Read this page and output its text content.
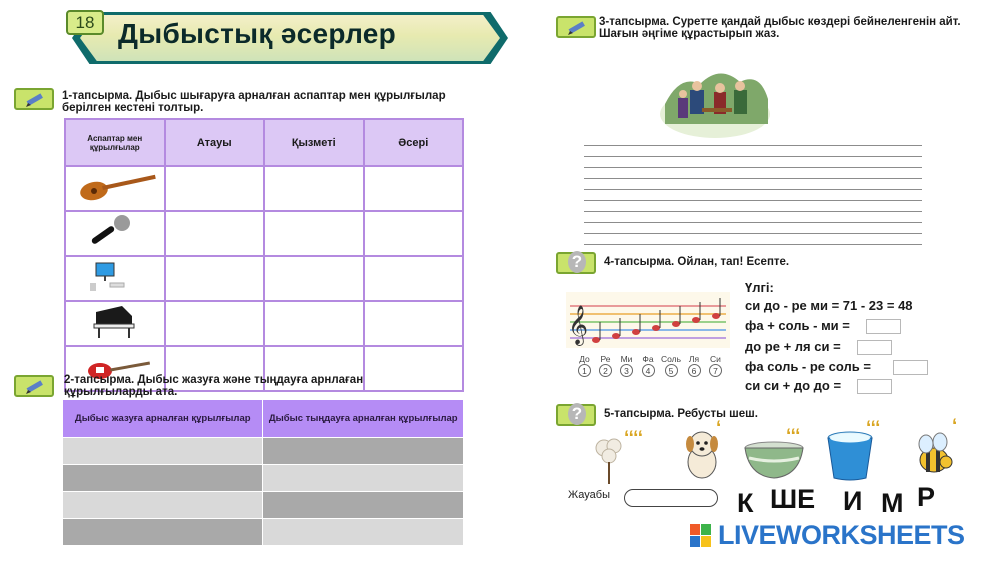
Дыбыстық әсерлер
18
1-тапсырма. Дыбыс шығаруға арналған аспаптар мен құрылғылар берілген кестені толтыр.
Аспаптар мен құрылғылар	Атауы	Қызметі	Әсері

2-тапсырма. Дыбыс жазуға және тыңдауға арнлаған құрылғыларды ата.
Дыбыс жазуға арналған құрылғылар	Дыбыс тыңдауға арналған құрылғылар

3-тапсырма. Суретте қандай дыбыс көздері бейнеленгенін айт. Шағын әңгіме құрастырып жаз.
?	4-тапсырма. Ойлан, тап! Есепте.
𝄞
До Ре Ми Фа Соль Ля Си
1 2 3 4 5 6 7
Үлгі:
си до - ре ми = 71 - 23 = 48
фа + соль - ми =
до ре + ля си =
фа соль - ре соль =
си си + до до =
?	5-тапсырма. Ребусты шеш.
‘‘‘‘	‘	‘‘‘	‘‘‘	‘
Жауабы	К ШЕ И М Р
LIVEWORKSHEETS
